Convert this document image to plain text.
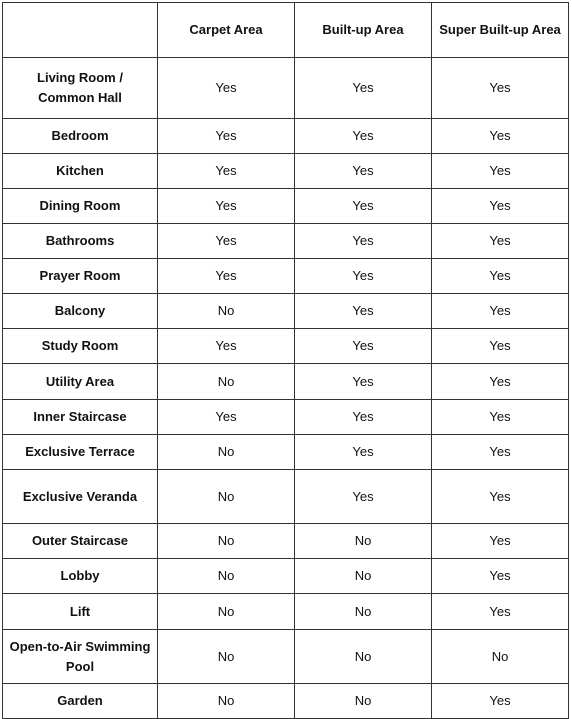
	Carpet Area	Built-up Area	Super Built-up Area
Living Room / Common Hall	Yes	Yes	Yes
Bedroom	Yes	Yes	Yes
Kitchen	Yes	Yes	Yes
Dining Room	Yes	Yes	Yes
Bathrooms	Yes	Yes	Yes
Prayer Room	Yes	Yes	Yes
Balcony	No	Yes	Yes
Study Room	Yes	Yes	Yes
Utility Area	No	Yes	Yes
Inner Staircase	Yes	Yes	Yes
Exclusive Terrace	No	Yes	Yes
Exclusive Veranda	No	Yes	Yes
Outer Staircase	No	No	Yes
Lobby	No	No	Yes
Lift	No	No	Yes
Open-to-Air Swimming Pool	No	No	No
Garden	No	No	Yes
